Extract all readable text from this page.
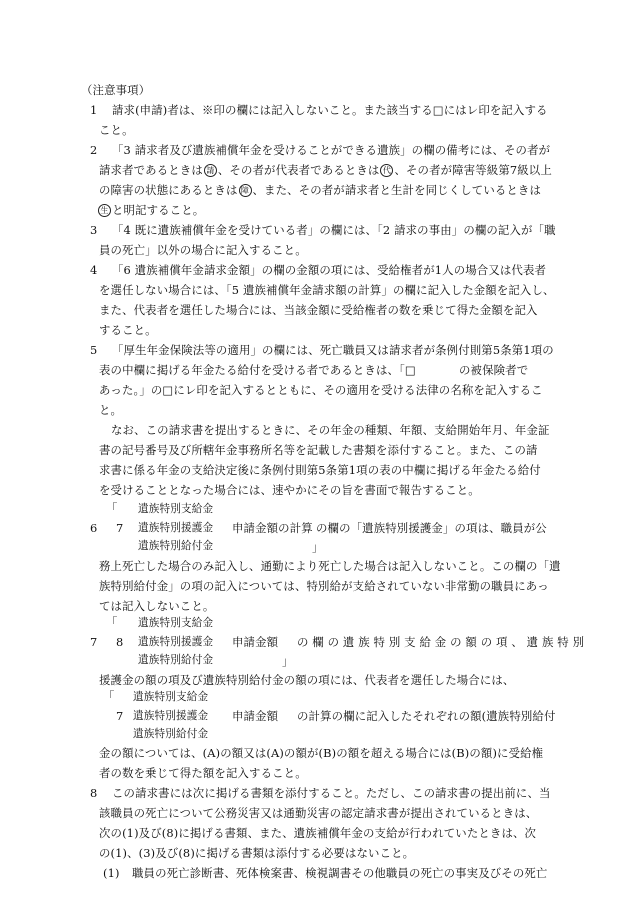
（注意事項）
1 請求(申請)者は、※印の欄には記入しないこと。また該当する□にはレ印を記入する
こと。
2 「3 請求者及び遺族補償年金を受けることができる遺族」の欄の備考には、その者が
請求者であるときは 請 、その者が代表者であるときは 代 、その者が障害等級第7級以上
の障害の状態にあるときは 障 、また、その者が請求者と生計を同じくしているときは
生 と明記すること。
3 「4 既に遺族補償年金を受けている者」の欄には、「2 請求の事由」の欄の記入が「職
員の死亡」以外の場合に記入すること。
4 「6 遺族補償年金請求金額」の欄の金額の項には、受給権者が1人の場合又は代表者
を選任しない場合には、「5 遺族補償年金請求額の計算」の欄に記入した金額を記入し、
また、代表者を選任した場合には、当該金額に受給権者の数を乗じて得た金額を記入
すること。
5 「厚生年金保険法等の適用」の欄には、死亡職員又は請求者が条例付則第5条第1項の
表の中欄に掲げる年金たる給付を受ける者であるときは、「□	の被保険者で
あった。」の□にレ印を記入するとともに、その適用を受ける法律の名称を記入するこ
と。
なお、この請求書を提出するときに、その年金の種類、年額、支給開始年月、年金証
書の記号番号及び所轄年金事務所名等を記載した書類を添付すること。また、この請
求書に係る年金の支給決定後に条例付則第5条第1項の表の中欄に掲げる年金たる給付
を受けることとなった場合には、速やかにその旨を書面で報告すること。
「 遺族特別支給金
6 7 遺族特別援護金 申請金額の計算 の欄の「遺族特別援護金」の項は、職員が公
遺族特別給付金	」
務上死亡した場合のみ記入し、通勤により死亡した場合は記入しないこと。この欄の「遺
族特別給付金」の項の記入については、特別給が支給されていない非常勤の職員にあっ
ては記入しないこと。
「 遺族特別支給金
7 8 遺族特別援護金 申請金額 の 欄 の 遺 族 特 別 支 給 金 の 額 の 項 、 遺 族 特 別
遺族特別給付金	」
援護金の額の項及び遺族特別給付金の額の項には、代表者を選任した場合には、
「 遺族特別支給金
7 遺族特別援護金 申請金額 の計算の欄に記入したそれぞれの額(遺族特別給付
遺族特別給付金
金の額については、(A)の額又は(A)の額が(B)の額を超える場合には(B)の額)に受給権
者の数を乗じて得た額を記入すること。
8 この請求書には次に掲げる書類を添付すること。ただし、この請求書の提出前に、当
該職員の死亡について公務災害又は通勤災害の認定請求書が提出されているときは、
次の(1)及び(8)に掲げる書類、また、遺族補償年金の支給が行われていたときは、次
の(1)、(3)及び(8)に掲げる書類は添付する必要はないこと。
(1) 職員の死亡診断書、死体検案書、検視調書その他職員の死亡の事実及びその死亡
